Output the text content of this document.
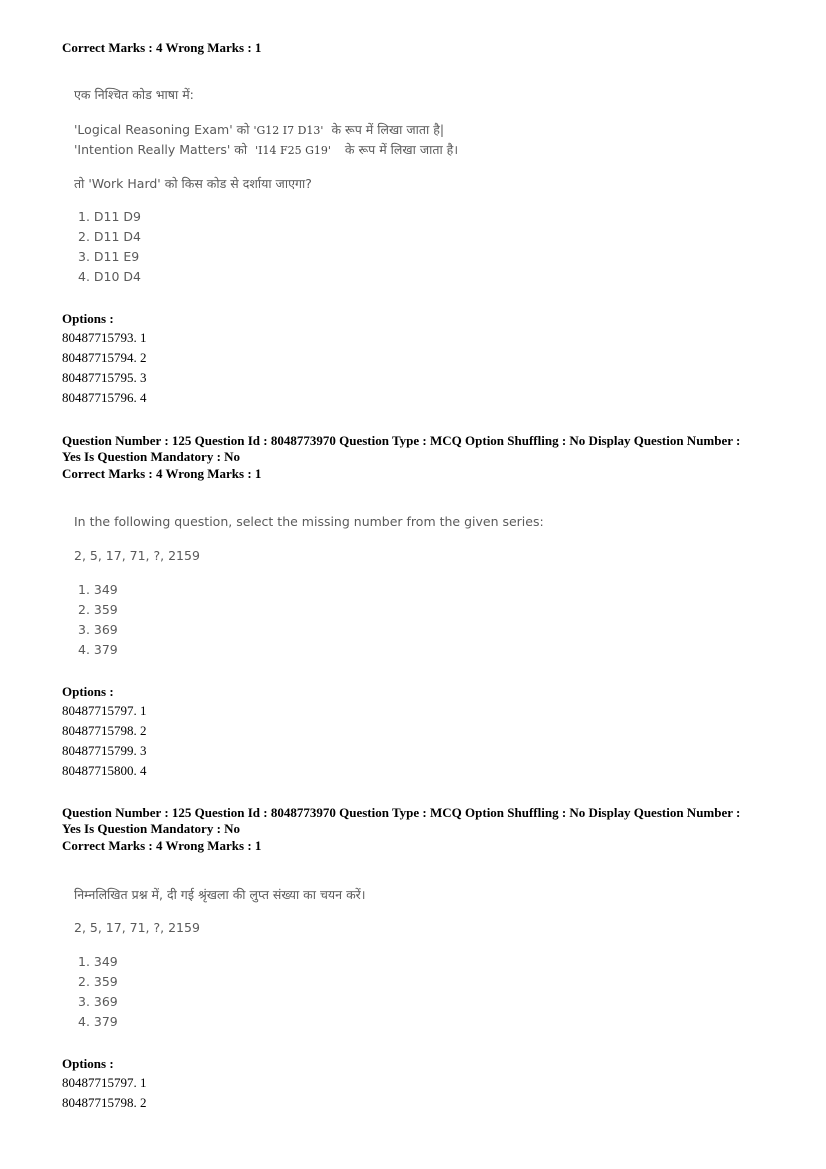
Correct Marks : 4 Wrong Marks : 1
एक निश्चित कोड भाषा में:
'Logical Reasoning Exam' को 'G12 I7 D13' के रूप में लिखा जाता है|
'Intention Really Matters' को 'I14 F25 G19' के रूप में लिखा जाता है।
तो 'Work Hard' को किस कोड से दर्शाया जाएगा?
1. D11 D9
2. D11 D4
3. D11 E9
4. D10 D4
Options :
80487715793. 1
80487715794. 2
80487715795. 3
80487715796. 4
Question Number : 125 Question Id : 8048773970 Question Type : MCQ Option Shuffling : No Display Question Number :
Yes Is Question Mandatory : No
Correct Marks : 4 Wrong Marks : 1
In the following question, select the missing number from the given series:
2, 5, 17, 71, ?, 2159
1. 349
2. 359
3. 369
4. 379
Options :
80487715797. 1
80487715798. 2
80487715799. 3
80487715800. 4
Question Number : 125 Question Id : 8048773970 Question Type : MCQ Option Shuffling : No Display Question Number :
Yes Is Question Mandatory : No
Correct Marks : 4 Wrong Marks : 1
निम्नलिखित प्रश्न में, दी गई श्रृंखला की लुप्त संख्या का चयन करें।
2, 5, 17, 71, ?, 2159
1. 349
2. 359
3. 369
4. 379
Options :
80487715797. 1
80487715798. 2
